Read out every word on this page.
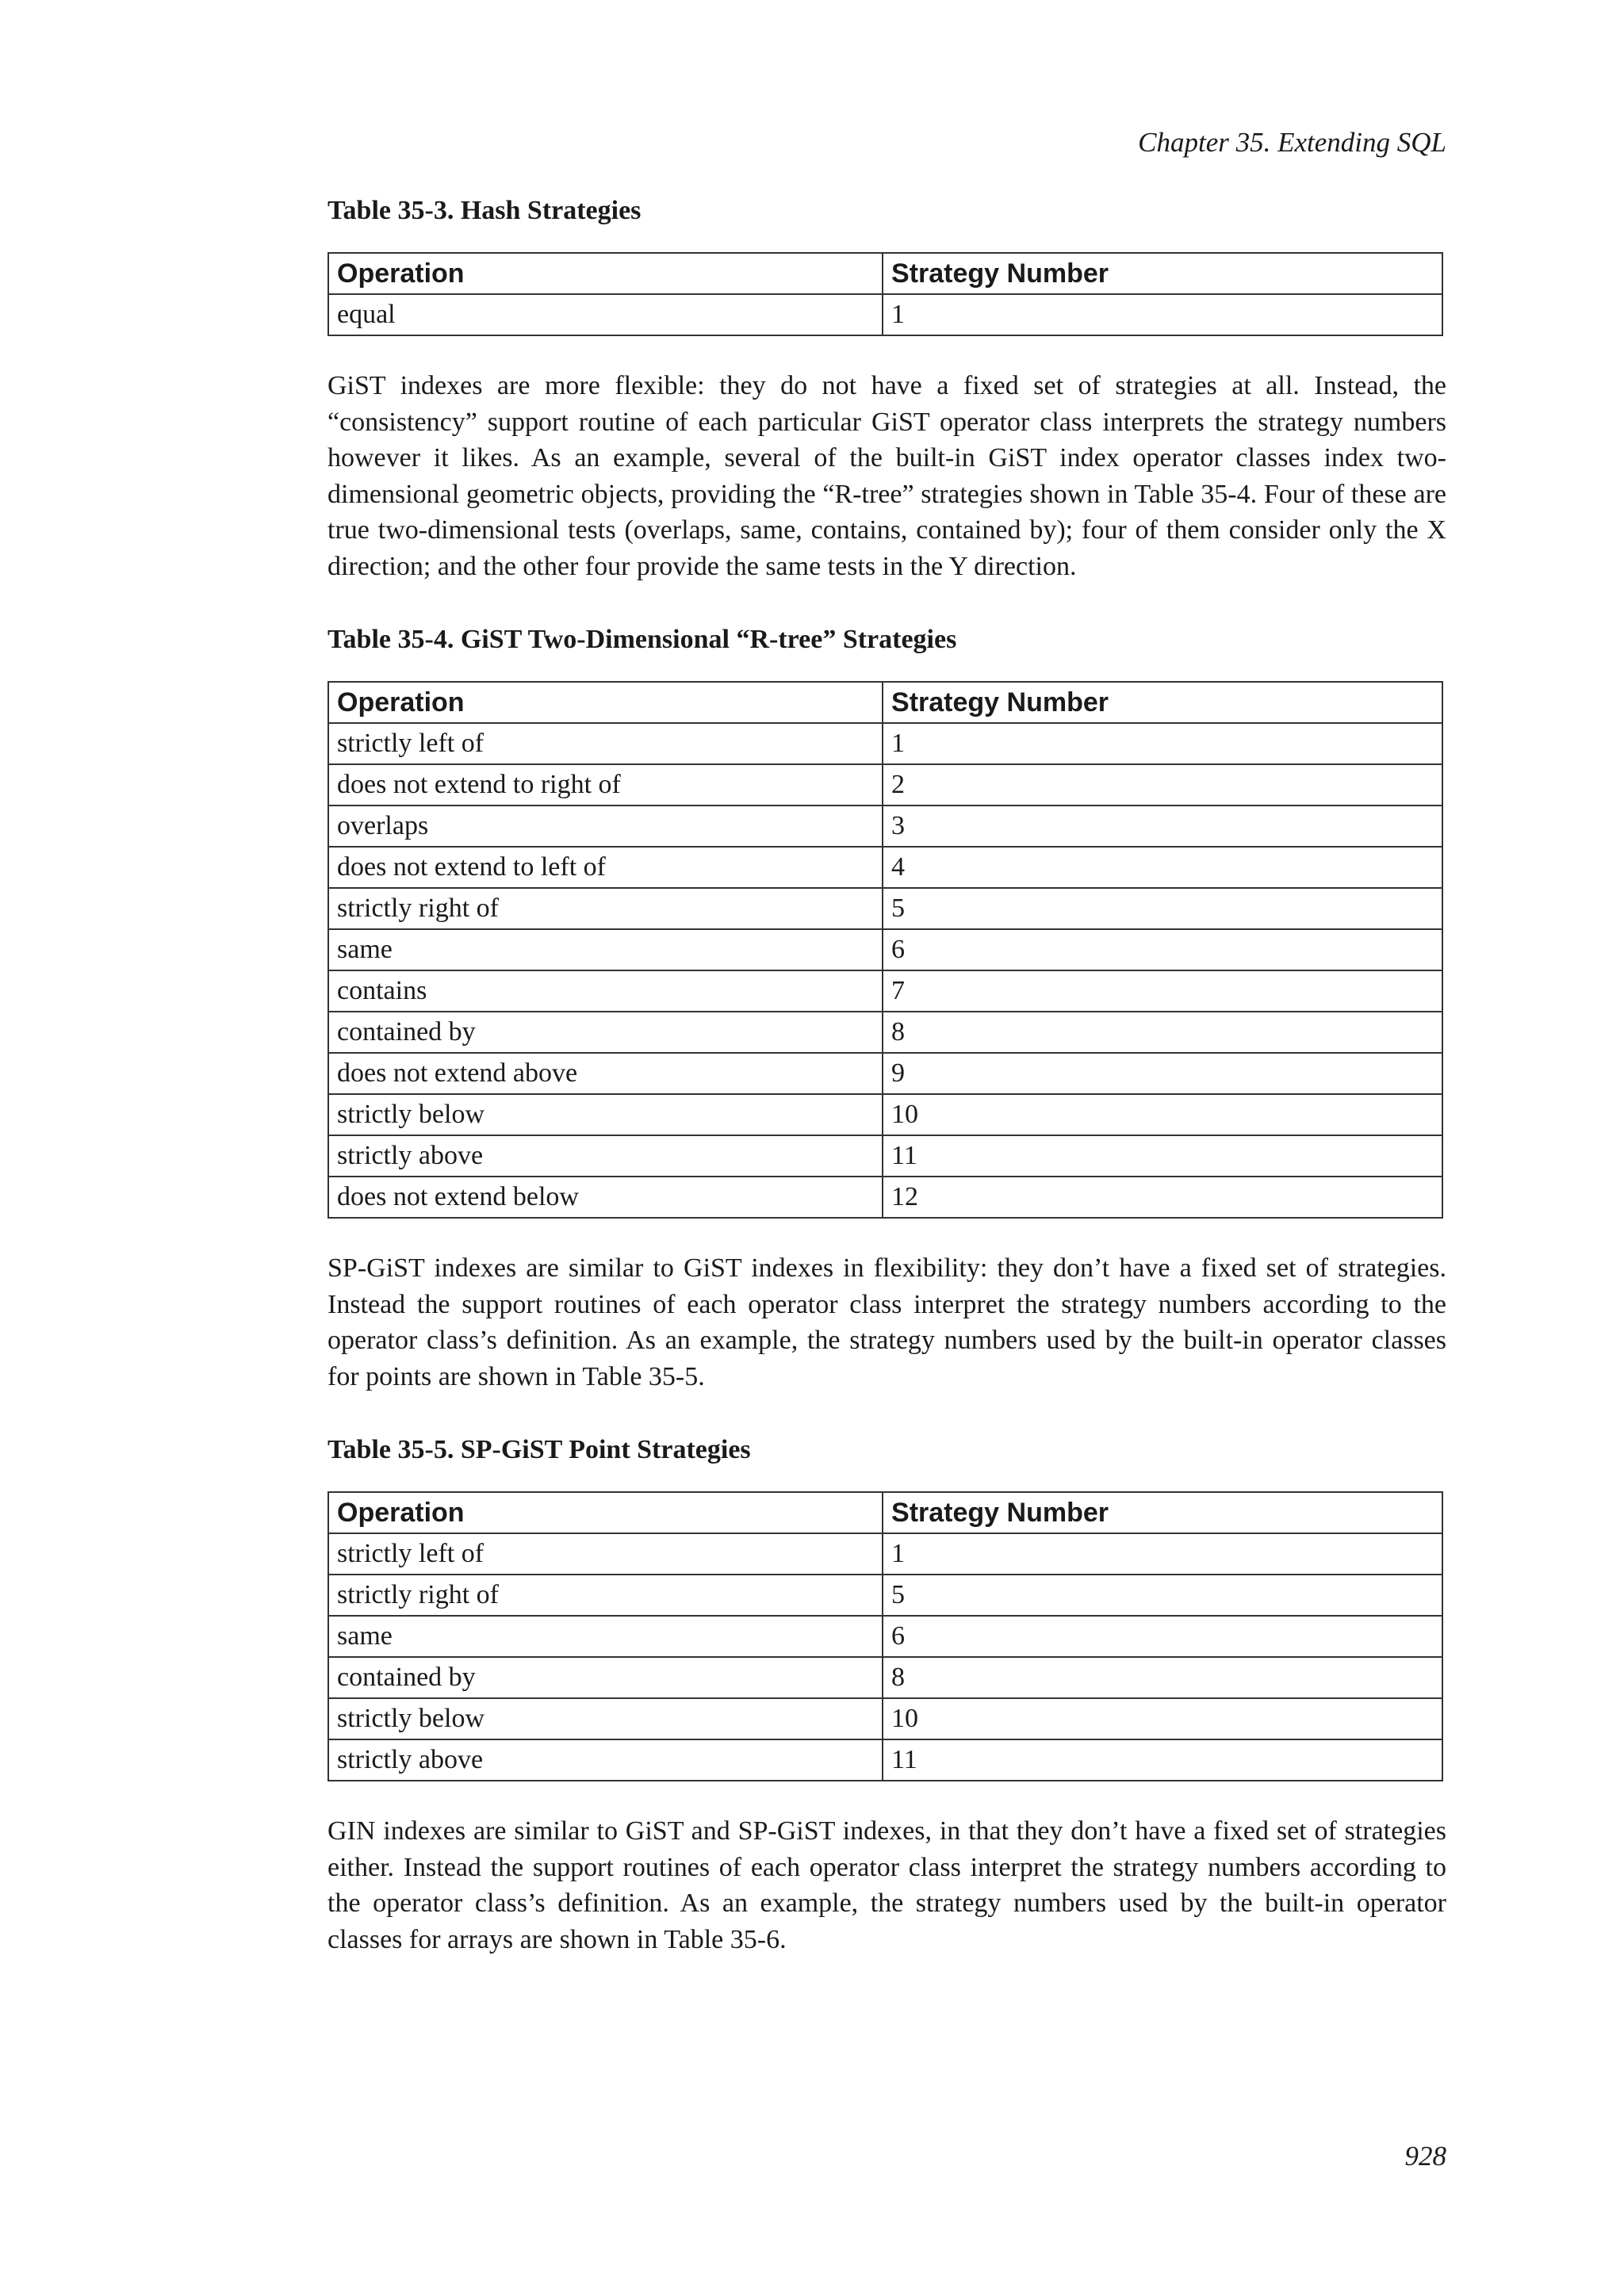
Chapter 35. Extending SQL
Table 35-3. Hash Strategies
Operation	Strategy Number
equal	1

GiST indexes are more flexible: they do not have a fixed set of strategies at all. Instead, the “consistency” support routine of each particular GiST operator class interprets the strategy numbers however it likes. As an example, several of the built-in GiST index operator classes index two-dimensional geometric objects, providing the “R-tree” strategies shown in Table 35-4. Four of these are true two-dimensional tests (overlaps, same, contains, contained by); four of them consider only the X direction; and the other four provide the same tests in the Y direction.

Table 35-4. GiST Two-Dimensional “R-tree” Strategies
Operation	Strategy Number
strictly left of	1
does not extend to right of	2
overlaps	3
does not extend to left of	4
strictly right of	5
same	6
contains	7
contained by	8
does not extend above	9
strictly below	10
strictly above	11
does not extend below	12

SP-GiST indexes are similar to GiST indexes in flexibility: they don’t have a fixed set of strategies. Instead the support routines of each operator class interpret the strategy numbers according to the operator class’s definition. As an example, the strategy numbers used by the built-in operator classes for points are shown in Table 35-5.

Table 35-5. SP-GiST Point Strategies
Operation	Strategy Number
strictly left of	1
strictly right of	5
same	6
contained by	8
strictly below	10
strictly above	11

GIN indexes are similar to GiST and SP-GiST indexes, in that they don’t have a fixed set of strategies either. Instead the support routines of each operator class interpret the strategy numbers according to the operator class’s definition. As an example, the strategy numbers used by the built-in operator classes for arrays are shown in Table 35-6.

928
